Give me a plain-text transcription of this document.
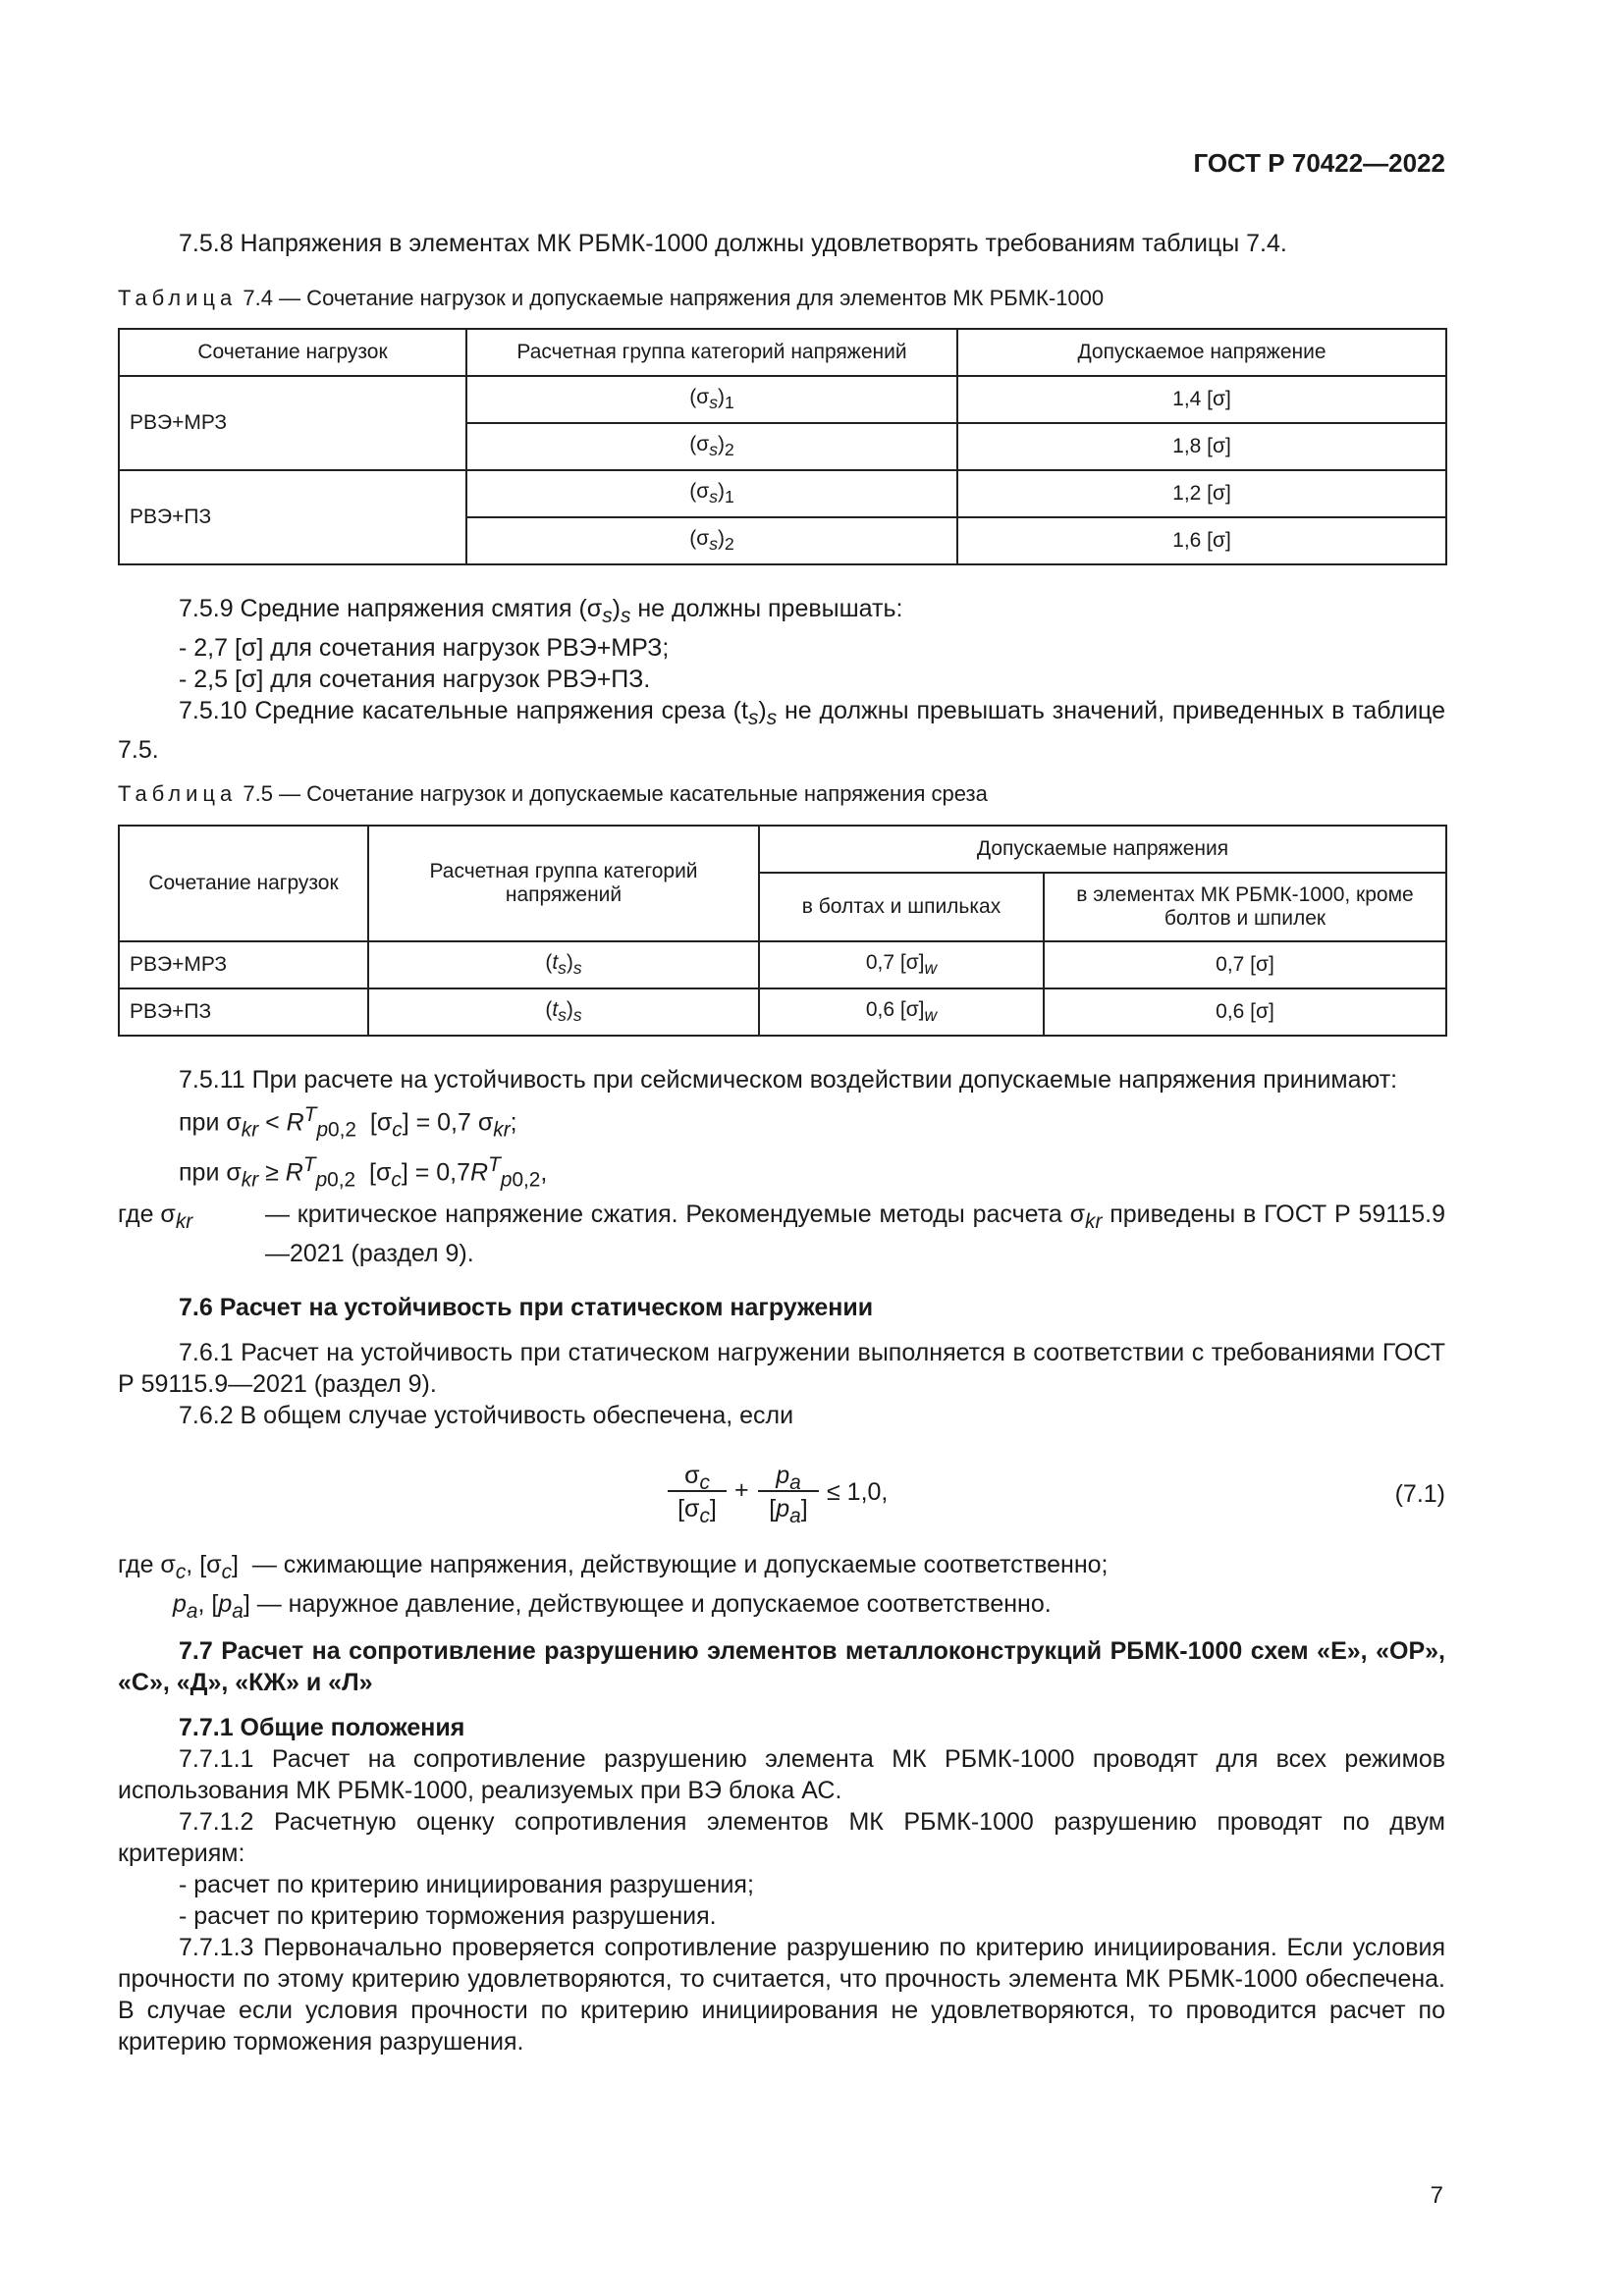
ГОСТ Р 70422—2022

7.5.8 Напряжения в элементах МК РБМК-1000 должны удовлетворять требованиям таблицы 7.4.

Таблица 7.4 — Сочетание нагрузок и допускаемые напряжения для элементов МК РБМК-1000
Сочетание нагрузок	Расчетная группа категорий напряжений	Допускаемое напряжение
РВЭ+МРЗ	$(\sigma_s)_1$	1,4 [σ]
	$(\sigma_s)_2$	1,8 [σ]
РВЭ+ПЗ	$(\sigma_s)_1$	1,2 [σ]
	$(\sigma_s)_2$	1,6 [σ]

7.5.9 Средние напряжения смятия $(\sigma_s)_s$ не должны превышать:

- 2,7 [σ] для сочетания нагрузок РВЭ+МРЗ;

- 2,5 [σ] для сочетания нагрузок РВЭ+ПЗ.

7.5.10 Средние касательные напряжения среза $(t_s)_s$ не должны превышать значений, приведенных в таблице 7.5.

Таблица 7.5 — Сочетание нагрузок и допускаемые касательные напряжения среза
Сочетание нагрузок	Расчетная группа категорий напряжений	Допускаемые напряжения	
		в болтах и шпильках	в элементах МК РБМК-1000, кроме болтов и шпилек
РВЭ+МРЗ	$(t_s)_s$	0,7 $[\sigma]_w$	0,7 [σ]
РВЭ+ПЗ	$(t_s)_s$	0,6 $[\sigma]_w$	0,6 [σ]

7.5.11 При расчете на устойчивость при сейсмическом воздействии допускаемые напряжения принимают:

при $\sigma_{kr} < R^T_{p0,2}$  $[\sigma_c] = 0,7$ $\sigma_{kr}$;

при $\sigma_{kr} \ge R^T_{p0,2}$  $[\sigma_c] = 0,7R^T_{p0,2}$,

где $\sigma_{kr}$	— критическое напряжение сжатия. Рекомендуемые методы расчета $\sigma_{kr}$ приведены в ГОСТ Р 59115.9—2021 (раздел 9).

7.6 Расчет на устойчивость при статическом нагружении

7.6.1 Расчет на устойчивость при статическом нагружении выполняется в соответствии с требованиями ГОСТ Р 59115.9—2021 (раздел 9).

7.6.2 В общем случае устойчивость обеспечена, если

$\sigma_c$
$[\sigma_c]$
+
$p_a$
$[p_a]$
≤ 1,0,	(7.1)

где $\sigma_c$, $[\sigma_c]$  — сжимающие напряжения, действующие и допускаемые соответственно;

$p_a$, $[p_a]$ — наружное давление, действующее и допускаемое соответственно.

7.7 Расчет на сопротивление разрушению элементов металлоконструкций РБМК-1000 схем «Е», «ОР», «С», «Д», «КЖ» и «Л»

7.7.1 Общие положения

7.7.1.1 Расчет на сопротивление разрушению элемента МК РБМК-1000 проводят для всех режимов использования МК РБМК-1000, реализуемых при ВЭ блока АС.

7.7.1.2 Расчетную оценку сопротивления элементов МК РБМК-1000 разрушению проводят по двум критериям:

- расчет по критерию инициирования разрушения;

- расчет по критерию торможения разрушения.

7.7.1.3 Первоначально проверяется сопротивление разрушению по критерию инициирования. Если условия прочности по этому критерию удовлетворяются, то считается, что прочность элемента МК РБМК-1000 обеспечена. В случае если условия прочности по критерию инициирования не удовлетворяются, то проводится расчет по критерию торможения разрушения.

7
